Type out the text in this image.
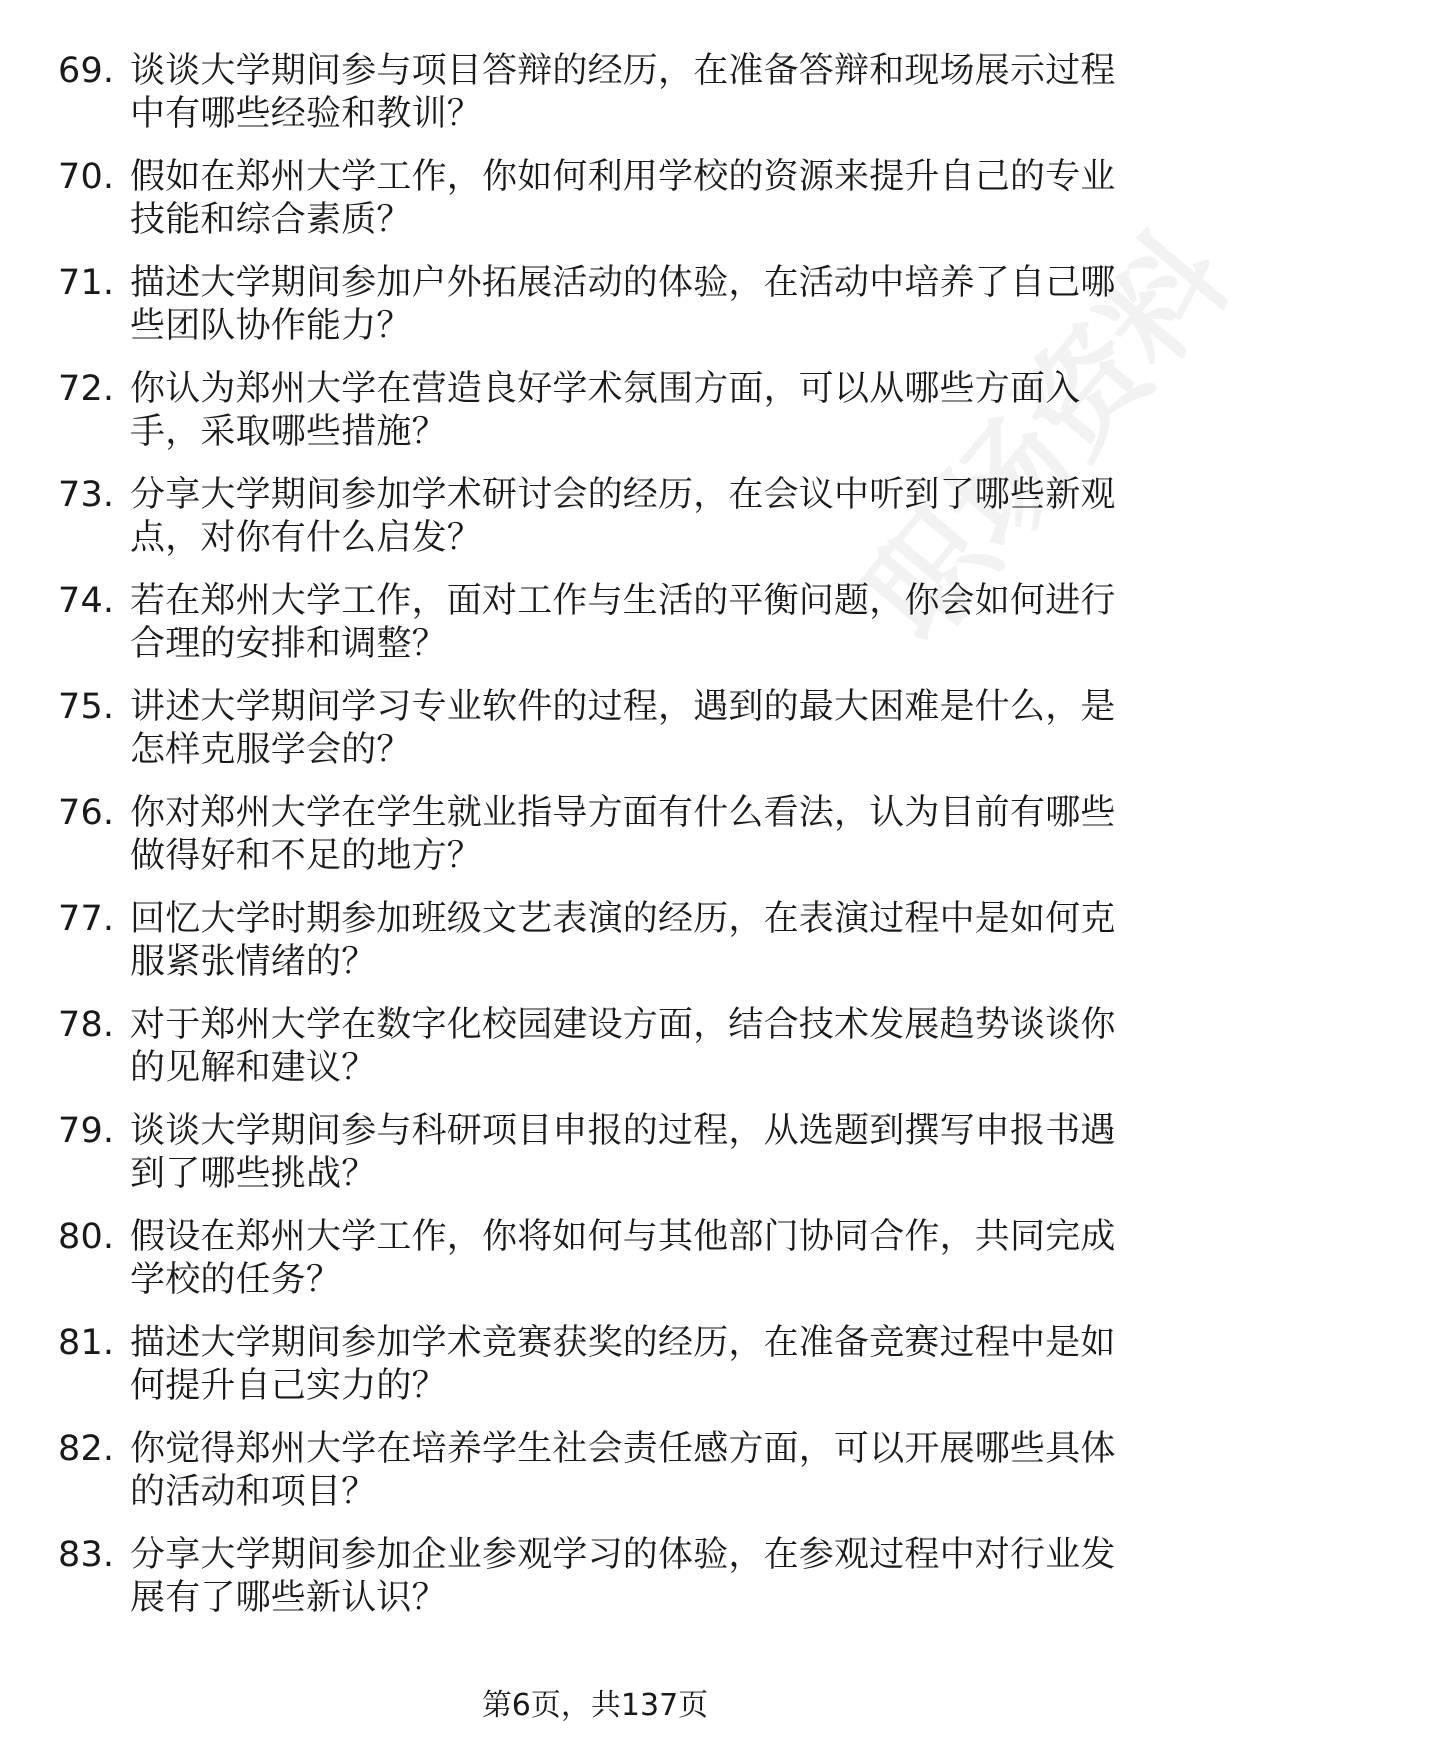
职场资料
69. 谈谈大学期间参与项目答辩的经历，在准备答辩和现场展示过程中有哪些经验和教训？
70. 假如在郑州大学工作，你如何利用学校的资源来提升自己的专业技能和综合素质？
71. 描述大学期间参加户外拓展活动的体验，在活动中培养了自己哪些团队协作能力？
72. 你认为郑州大学在营造良好学术氛围方面，可以从哪些方面入手，采取哪些措施？
73. 分享大学期间参加学术研讨会的经历，在会议中听到了哪些新观点，对你有什么启发？
74. 若在郑州大学工作，面对工作与生活的平衡问题，你会如何进行合理的安排和调整？
75. 讲述大学期间学习专业软件的过程，遇到的最大困难是什么，是怎样克服学会的？
76. 你对郑州大学在学生就业指导方面有什么看法，认为目前有哪些做得好和不足的地方？
77. 回忆大学时期参加班级文艺表演的经历，在表演过程中是如何克服紧张情绪的？
78. 对于郑州大学在数字化校园建设方面，结合技术发展趋势谈谈你的见解和建议？
79. 谈谈大学期间参与科研项目申报的过程，从选题到撰写申报书遇到了哪些挑战？
80. 假设在郑州大学工作，你将如何与其他部门协同合作，共同完成学校的任务？
81. 描述大学期间参加学术竞赛获奖的经历，在准备竞赛过程中是如何提升自己实力的？
82. 你觉得郑州大学在培养学生社会责任感方面，可以开展哪些具体的活动和项目？
83. 分享大学期间参加企业参观学习的体验，在参观过程中对行业发展有了哪些新认识？
第6页，共137页
